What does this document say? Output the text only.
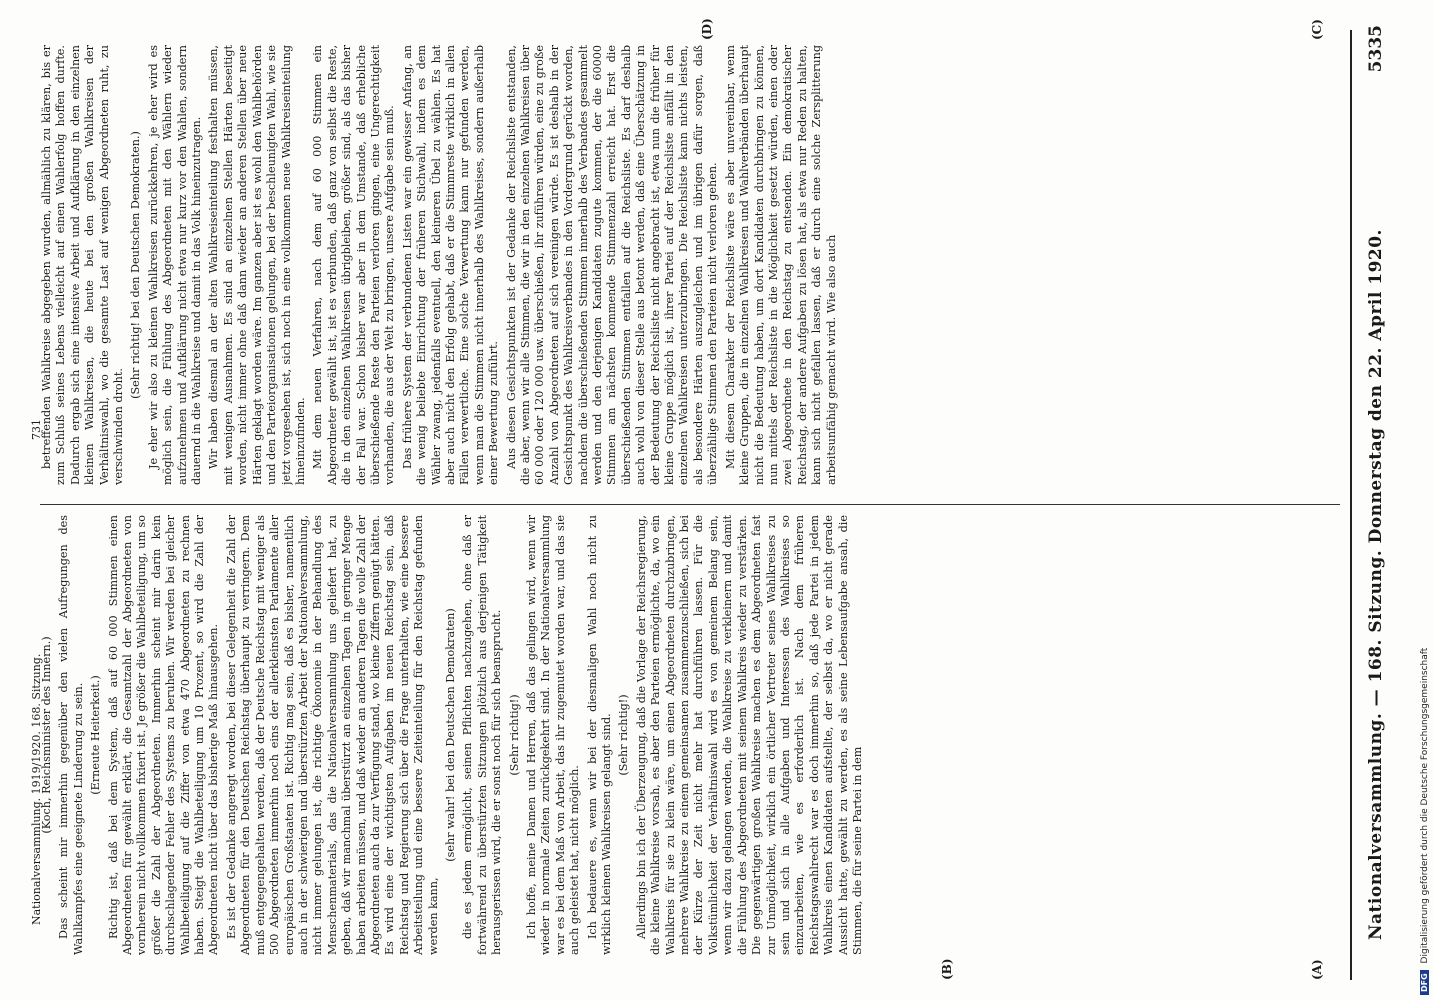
Nationalversammlung. — 168. Sitzung. Donnerstag den 22. April 1920.
5335
(A)
(B)
(C)
(D)

(Koch, Reichsminister des Innern.) Das scheint mir immerhin gegenüber den vielen Aufregungen des Wahlkampfes eine geeignete Linderung zu sein. (Erneute Heiterkeit.) Richtig ist, daß bei dem System, daß auf 60 000 Stimmen einen Abgeordneten für gewählt erklärt, die Gesamtzahl der Abgeordneten von vornherein nicht vollkommen fixiert ist. Je größer die Wahlbeteiligung, um so größer die Zahl der Abgeordneten. Immerhin scheint mir darin kein durchschlagender Fehler des Systems zu beruhen. Wir werden bei gleicher Wahlbeteiligung auf die Ziffer von etwa 470 Abgeordneten zu rechnen haben. Steigt die Wahlbeteiligung um 10 Prozent, so wird die Zahl der Abgeordneten nicht über das bisherige Maß hinausgehen. Es ist der Gedanke angeregt worden, bei dieser Gelegenheit die Zahl der Abgeordneten für den Deutschen Reichstag überhaupt zu verringern. Dem muß entgegengehalten werden, daß der Deutsche Reichstag mit weniger als 500 Abgeordneten immerhin noch eins der allerkleinsten Parlamente aller europäischen Großstaaten ist. Richtig mag sein, daß es bisher, namentlich auch in der schwierigen und überstürzten Arbeit der Nationalversammlung, nicht immer gelungen ist, die richtige Ökonomie in der Behandlung des Menschenmaterials, das die Nationalversammlung uns geliefert hat, zu geben, daß wir manchmal überstürzt an einzelnen Tagen in geringer Menge haben arbeiten müssen, und daß wieder an anderen Tagen die volle Zahl der Abgeordneten auch da zur Verfügung stand, wo kleine Ziffern genügt hätten. Es wird eine der wichtigsten Aufgaben im neuen Reichstag sein, daß Reichstag und Regierung sich über die Frage unterhalten, wie eine bessere Arbeitsteilung und eine bessere Zeiteinteilung für den Reichstag gefunden werden kann,

(sehr wahr! bei den Deutschen Demokraten) die es jedem ermöglicht, seinen Pflichten nachzugehen, ohne daß er fortwährend zu überstürzten Sitzungen plötzlich aus derjenigen Tätigkeit herausgerissen wird, die er sonst noch für sich beansprucht. (Sehr richtig!) Ich hoffe, meine Damen und Herren, daß das gelingen wird, wenn wir wieder in normale Zeiten zurückgekehrt sind. In der Nationalversammlung war es bei dem Maß von Arbeit, das ihr zugemutet worden war, und das sie auch geleistet hat, nicht möglich. Ich bedauere es, wenn wir bei der diesmaligen Wahl noch nicht zu wirklich kleinen Wahlkreisen gelangt sind. (Sehr richtig!) Allerdings bin ich der Überzeugung, daß die Vorlage der Reichsregierung, die kleine Wahlkreise vorsah, es aber den Parteien ermöglichte, da, wo ein Wahlkreis für sie zu klein wäre, um einen Abgeordneten durchzubringen, mehrere Wahlkreise zu einem gemeinsamen zusammenzuschließen, sich bei der Kürze der Zeit nicht mehr hat durchführen lassen. Für die Volkstümlichkeit der Verhältniswahl wird es von gemeinem Belang sein, wenn wir dazu gelangen werden, die Wahlkreise zu verkleinern und damit die Fühlung des Abgeordneten mit seinem Wahlkreis wieder zu verstärken. Die gegenwärtigen großen Wahlkreise machen es dem Abgeordneten fast zur Unmöglichkeit, wirklich ein örtlicher Vertreter seines Wahlkreises zu sein und sich in alle Aufgaben und Interessen des Wahlkreises so einzuarbeiten, wie es erforderlich ist. Nach dem früheren Reichstagswahlrecht war es doch immerhin so, daß jede Partei in jedem Wahlkreis einen Kandidaten aufstellte, der selbst da, wo er nicht gerade Aussicht hatte, gewählt zu werden, es als seine Lebensaufgabe ansah, die Stimmen, die für seine Partei in dem

betreffenden Wahlkreise abgegeben wurden, allmählich zu klären, bis er zum Schluß seines Lebens vielleicht auf einen Wahlerfolg hoffen durfte. Dadurch ergab sich eine intensive Arbeit und Aufklärung in den einzelnen kleinen Wahlkreisen, die heute bei den großen Wahlkreisen der Verhältniswahl, wo die gesamte Last auf wenigen Abgeordneten ruht, zu verschwinden droht.

(Sehr richtig! bei den Deutschen Demokraten.) Je eher wir also zu kleinen Wahlkreisen zurückkehren, je eher wird es möglich sein, die Fühlung des Abgeordneten mit den Wählern wieder aufzunehmen und Aufklärung nicht etwa nur kurz vor den Wahlen, sondern dauernd in die Wahlkreise und damit in das Volk hineinzutragen. Wir haben diesmal an der alten Wahlkreiseinteilung festhalten müssen, mit wenigen Ausnahmen. Es sind an einzelnen Stellen Härten beseitigt worden, nicht immer ohne daß dann wieder an anderen Stellen über neue Härten geklagt worden wäre. Im ganzen aber ist es wohl den Wahlbehörden und den Parteiorganisationen gelungen, bei der beschleunigten Wahl, wie sie jetzt vorgesehen ist, sich noch in eine vollkommen neue Wahlkreiseinteilung hineinzufinden. Mit dem neuen Verfahren, nach dem auf 60 000 Stimmen ein Abgeordneter gewählt ist, ist es verbunden, daß ganz von selbst die Reste, die in den einzelnen Wahlkreisen übrigbleiben, größer sind, als das bisher der Fall war. Schon bisher war aber in dem Umstande, daß erhebliche überschießende Reste den Parteien verloren gingen, eine Ungerechtigkeit vorhanden, die aus der Welt zu bringen, unsere Aufgabe sein muß. Das frühere System der verbundenen Listen war ein gewisser Anfang, an die wenig beliebte Einrichtung der früheren Stichwahl, indem es dem Wähler zwang, jedenfalls eventuell, den kleineren Übel zu wählen. Es hat aber auch nicht den Erfolg gehabt, daß er die Stimmreste wirklich in allen Fällen verwertliche. Eine solche Verwertung kann nur gefunden werden, wenn man die Stimmen nicht innerhalb des Wahlkreises, sondern außerhalb einer Bewertung zuführt. Aus diesen Gesichtspunkten ist der Gedanke der Reichsliste entstanden, die aber, wenn wir alle Stimmen, die wir in den einzelnen Wahlkreisen über 60 000 oder 120 000 usw. überschießen, ihr zuführen würden, eine zu große Anzahl von Abgeordneten auf sich vereinigen würde. Es ist deshalb in der Gesichtspunkt des Wahlkreisverbandes in den Vordergrund gerückt worden, nachdem die überschießenden Stimmen innerhalb des Verbandes gesammelt werden und den derjenigen Kandidaten zugute kommen, der die 60000 Stimmen am nächsten kommende Stimmenzahl erreicht hat. Erst die überschießenden Stimmen entfallen auf die Reichsliste. Es darf deshalb auch wohl von dieser Stelle aus betont werden, daß eine Überschätzung in der Bedeutung der Reichsliste nicht angebracht ist, etwa nun die früher für kleine Gruppe möglich ist, ihrer Partei auf der Reichsliste anfällt in den einzelnen Wahlkreisen unterzubringen. Die Reichsliste kann nichts leisten, als besondere Härten auszugleichen und im übrigen dafür sorgen, daß überzählige Stimmen den Parteien nicht verloren gehen. Mit diesem Charakter der Reichsliste wäre es aber unvereinbar, wenn kleine Gruppen, die in einzelnen Wahlkreisen und Wahlverbänden überhaupt nicht die Bedeutung haben, um dort Kandidaten durchbringen zu können, nun mittels der Reichsliste in die Möglichkeit gesetzt würden, einen oder zwei Abgeordnete in den Reichstag zu entsenden. Ein demokratischer Reichstag, der andere Aufgaben zu lösen hat, als etwa nur Reden zu halten, kann sich nicht gefallen lassen, daß er durch eine solche Zersplitterung arbeitsunfähig gemacht wird. Wie also auch

Nationalversammlung. 1919/1920. 168. Sitzung.
731
DFG Digitalisierung gefördert durch die Deutsche Forschungsgemeinschaft
